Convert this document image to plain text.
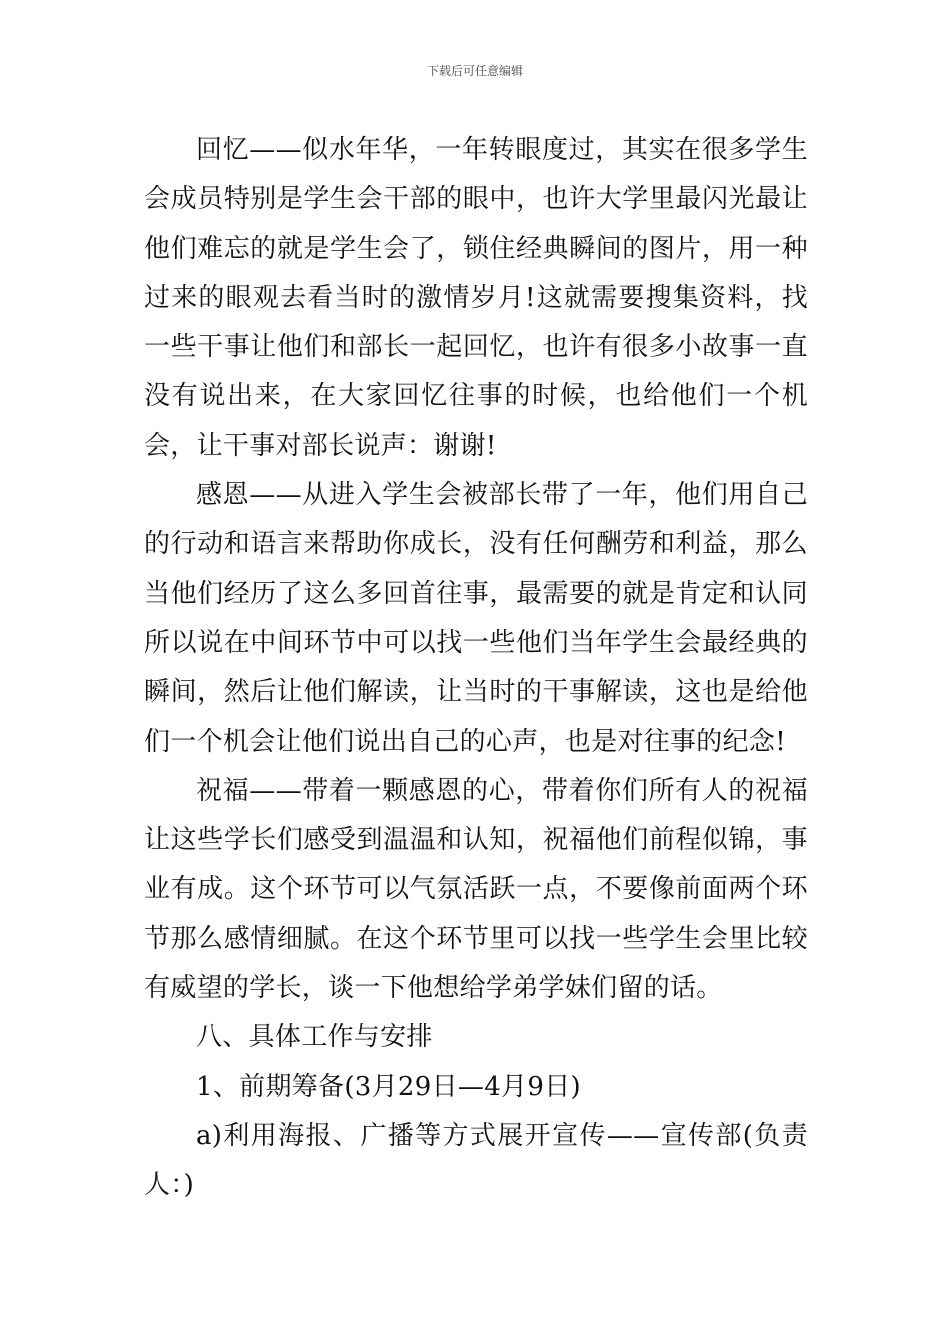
下载后可任意编辑

回忆——似水年华，一年转眼度过，其实在很多学生会成员特别是学生会干部的眼中，也许大学里最闪光最让他们难忘的就是学生会了，锁住经典瞬间的图片，用一种过来的眼观去看当时的激情岁月!这就需要搜集资料，找一些干事让他们和部长一起回忆，也许有很多小故事一直没有说出来，在大家回忆往事的时候，也给他们一个机会，让干事对部长说声：谢谢!

感恩——从进入学生会被部长带了一年，他们用自己的行动和语言来帮助你成长，没有任何酬劳和利益，那么当他们经历了这么多回首往事，最需要的就是肯定和认同所以说在中间环节中可以找一些他们当年学生会最经典的瞬间，然后让他们解读，让当时的干事解读，这也是给他们一个机会让他们说出自己的心声，也是对往事的纪念!

祝福——带着一颗感恩的心，带着你们所有人的祝福让这些学长们感受到温温和认知，祝福他们前程似锦，事业有成。这个环节可以气氛活跃一点，不要像前面两个环节那么感情细腻。在这个环节里可以找一些学生会里比较有威望的学长，谈一下他想给学弟学妹们留的话。

八、具体工作与安排

1、前期筹备(3月29日—4月9日)

a)利用海报、广播等方式展开宣传——宣传部(负责人：)
